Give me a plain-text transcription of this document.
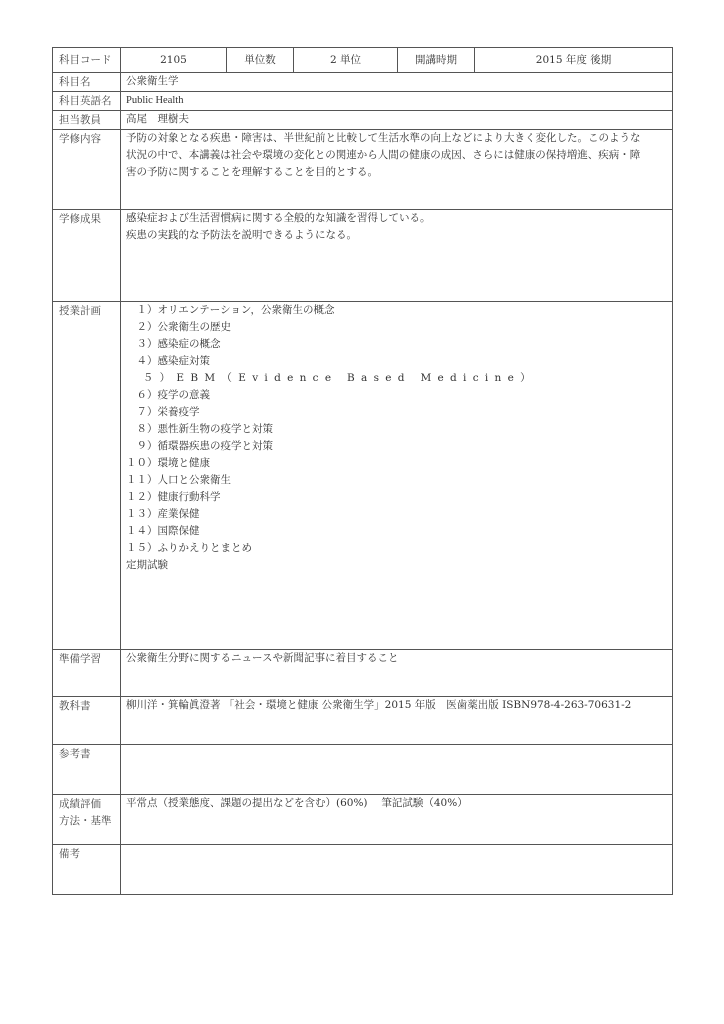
科目コード	2105	単位数	2 単位	開講時期	2015 年度 後期
科目名	公衆衛生学				
科目英語名	Public Health				
担当教員	高尾　理樹夫				
学修内容	予防の対象となる疾患・障害は、半世紀前と比較して生活水準の向上などにより大きく変化した。このような
状況の中で、本講義は社会や環境の変化との関連から人間の健康の成因、さらには健康の保持増進、疾病・障
害の予防に関することを理解することを目的とする。				

学修成果	感染症および生活習慣病に関する全般的な知識を習得している。
疾患の実践的な予防法を説明できるようになる。				

授業計画	　１）オリエンテーション，公衆衛生の概念
　２）公衆衛生の歴史
　３）感染症の概念
　４）感染症対策
　５）EBM（Evidence Based Medicine）
　６）疫学の意義
　７）栄養疫学
　８）悪性新生物の疫学と対策
　９）循環器疾患の疫学と対策
１０）環境と健康
１１）人口と公衆衛生
１２）健康行動科学
１３）産業保健
１４）国際保健
１５）ふりかえりとまとめ
定期試験

準備学習	公衆衛生分野に関するニュースや新聞記事に着目すること				
教科書	柳川洋・箕輪眞澄著 「社会・環境と健康 公衆衛生学」2015 年版　医歯薬出版 ISBN978-4-263-70631-2				
参考書					

成績評価
方法・基準	平常点（授業態度、課題の提出などを含む）(60%)　 筆記試験（40%）				
備考					
